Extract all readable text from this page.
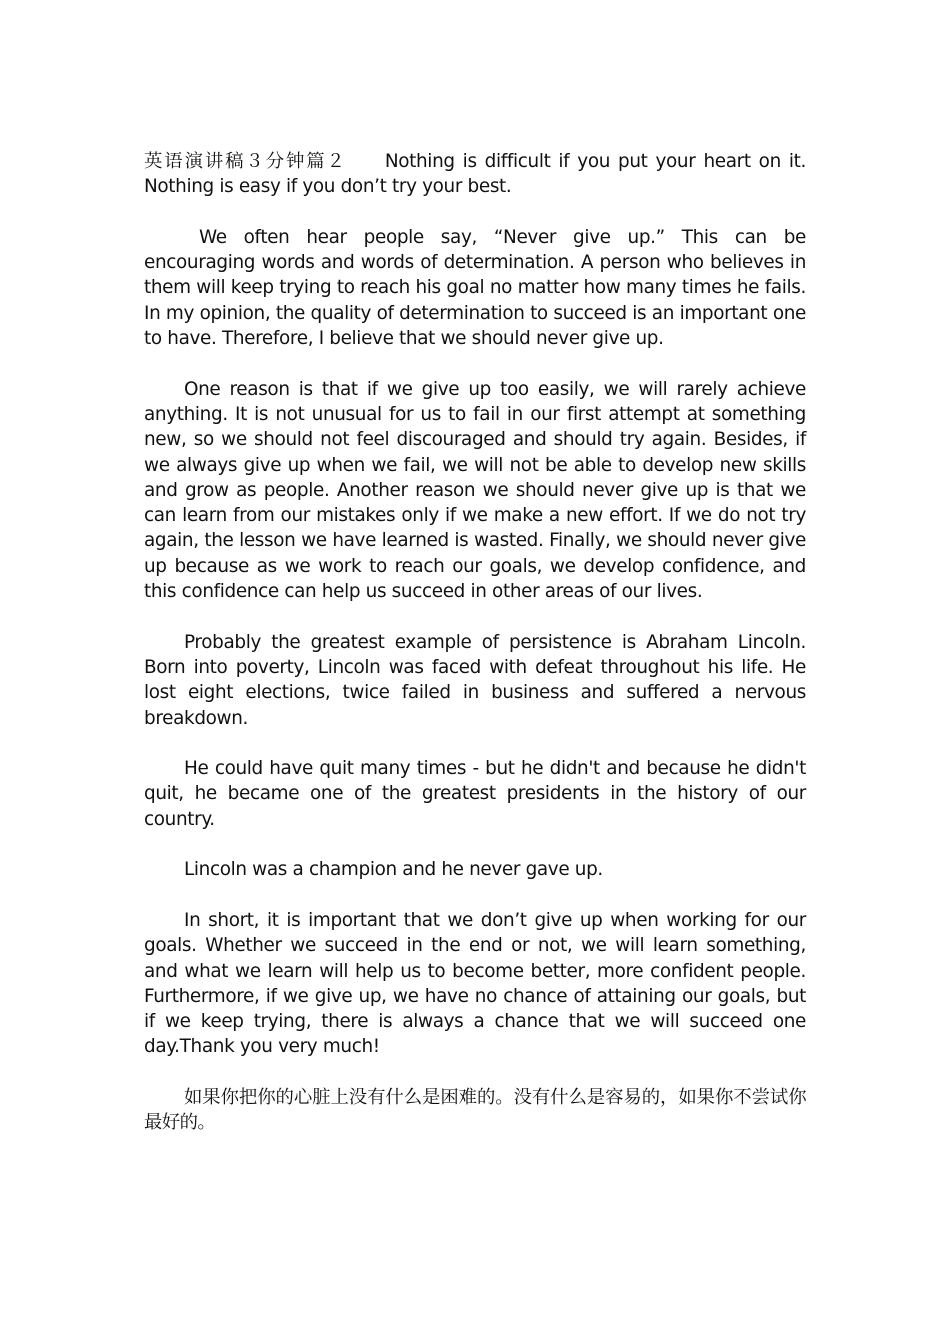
英语演讲稿３分钟篇２ Nothing is difficult if you put your heart on it. Nothing is easy if you don’t try your best.

We often hear people say, “Never give up.” This can be encouraging words and words of determination. A person who believes in them will keep trying to reach his goal no matter how many times he fails. In my opinion, the quality of determination to succeed is an important one to have. Therefore, I believe that we should never give up.

One reason is that if we give up too easily, we will rarely achieve anything. It is not unusual for us to fail in our first attempt at something new, so we should not feel discouraged and should try again. Besides, if we always give up when we fail, we will not be able to develop new skills and grow as people. Another reason we should never give up is that we can learn from our mistakes only if we make a new effort. If we do not try again, the lesson we have learned is wasted. Finally, we should never give up because as we work to reach our goals, we develop confidence, and this confidence can help us succeed in other areas of our lives.

Probably the greatest example of persistence is Abraham Lincoln. Born into poverty, Lincoln was faced with defeat throughout his life. He lost eight elections, twice failed in business and suffered a nervous breakdown.

He could have quit many times - but he didn't and because he didn't quit, he became one of the greatest presidents in the history of our country.

Lincoln was a champion and he never gave up.

In short, it is important that we don’t give up when working for our goals. Whether we succeed in the end or not, we will learn something, and what we learn will help us to become better, more confident people. Furthermore, if we give up, we have no chance of attaining our goals, but if we keep trying, there is always a chance that we will succeed one day.Thank you very much!

如果你把你的心脏上没有什么是困难的。没有什么是容易的，如果你不尝试你最好的。
